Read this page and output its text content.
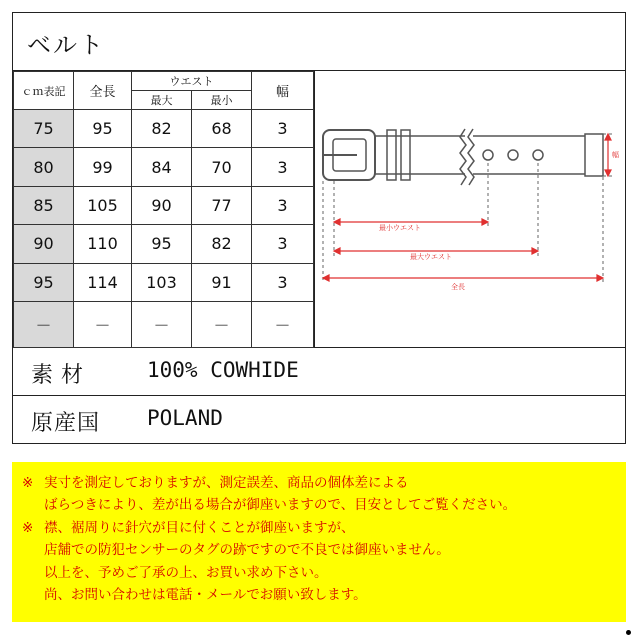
ベルト
ｃｍ表記	全長	ウエスト		幅
		最大	最小	
75	95	82	68	3
80	99	84	70	3
85	105	90	77	3
90	110	95	82	3
95	114	103	91	3
－	－	－	－	－
最小ウエスト
最大ウエスト
全長
幅
素材	100% COWHIDE
原産国 POLAND
※ 実寸を測定しておりますが、測定誤差、商品の個体差による
ばらつきにより、差が出る場合が御座いますので、目安としてご覧ください。
※ 襟、裾周りに針穴が目に付くことが御座いますが、
店舗での防犯センサーのタグの跡ですので不良では御座いません。
以上を、予めご了承の上、お買い求め下さい。
尚、お問い合わせは電話・メールでお願い致します。
